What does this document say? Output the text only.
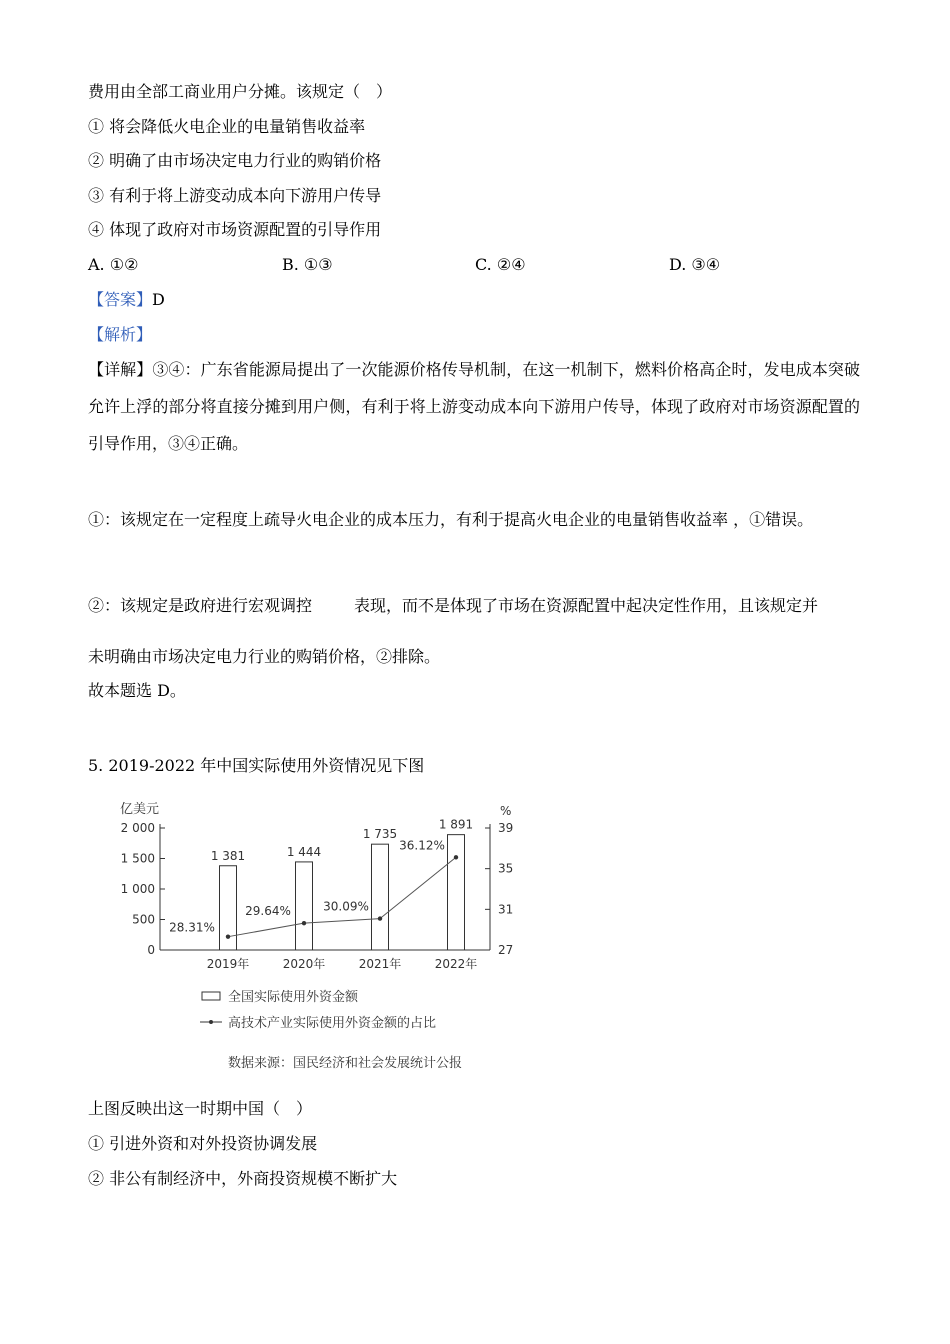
费用由全部工商业用户分摊。该规定（　）
① 将会降低火电企业的电量销售收益率
② 明确了由市场决定电力行业的购销价格
③ 有利于将上游变动成本向下游用户传导
④ 体现了政府对市场资源配置的引导作用
A. ①②	B. ①③	C. ②④	D. ③④
【答案】D
【解析】
【详解】③④：广东省能源局提出了一次能源价格传导机制，在这一机制下，燃料价格高企时，发电成本突破允许上浮的部分将直接分摊到用户侧，有利于将上游变动成本向下游用户传导，体现了政府对市场资源配置的引导作用，③④正确。
①：该规定在一定程度上疏导火电企业的成本压力，有利于提高火电企业的电量销售收益率 ，①错误。
②：该规定是政府进行宏观调控	表现，而不是体现了市场在资源配置中起决定性作用，且该规定并
未明确由市场决定电力行业的购销价格，②排除。
故本题选 D。
5. 2019-2022 年中国实际使用外资情况见下图
亿美元	%
0
500
1 000
1 500
2 000
27
31
35
39
2019年	2020年	2021年	2022年
1 381	1 444
1 735
1 891
28.31%
29.64%	30.09%
36.12%
全国实际使用外资金额
高技术产业实际使用外资金额的占比
数据来源：国民经济和社会发展统计公报
上图反映出这一时期中国（　）
① 引进外资和对外投资协调发展
② 非公有制经济中，外商投资规模不断扩大
